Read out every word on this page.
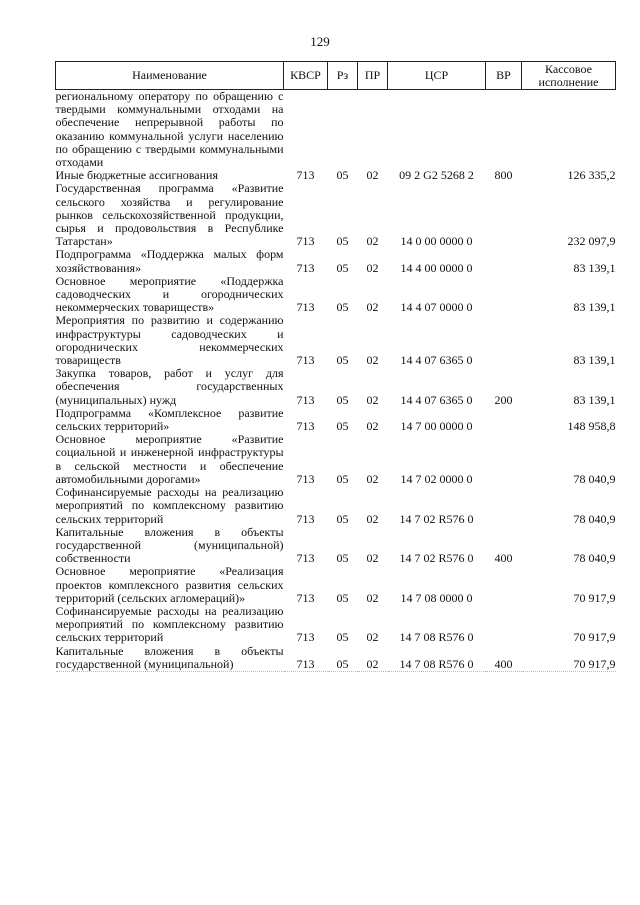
129
Наименование	КВСР	Рз	ПР	ЦСР	ВР	Кассовое исполнение
региональному оператору по обращению с твердыми коммунальными отходами на обеспечение непрерывной работы по оказанию коммунальной услуги населению по обращению с твердыми коммунальными отходами						
Иные бюджетные ассигнования	713	05	02	09 2 G2 5268 2	800	126 335,2
Государственная программа «Развитие сельского хозяйства и регулирование рынков сельскохозяйственной продукции, сырья и продовольствия в Республике Татарстан»	713	05	02	14 0 00 0000 0		232 097,9
Подпрограмма «Поддержка малых форм хозяйствования»	713	05	02	14 4 00 0000 0		83 139,1
Основное мероприятие «Поддержка садоводческих и огороднических некоммерческих товариществ»	713	05	02	14 4 07 0000 0		83 139,1
Мероприятия по развитию и содержанию инфраструктуры садоводческих и огороднических некоммерческих товариществ	713	05	02	14 4 07 6365 0		83 139,1
Закупка товаров, работ и услуг для обеспечения государственных (муниципальных) нужд	713	05	02	14 4 07 6365 0	200	83 139,1
Подпрограмма «Комплексное развитие сельских территорий»	713	05	02	14 7 00 0000 0		148 958,8
Основное мероприятие «Развитие социальной и инженерной инфраструктуры в сельской местности и обеспечение автомобильными дорогами»	713	05	02	14 7 02 0000 0		78 040,9
Софинансируемые расходы на реализацию мероприятий по комплексному развитию сельских территорий	713	05	02	14 7 02 R576 0		78 040,9
Капитальные вложения в объекты государственной (муниципальной) собственности	713	05	02	14 7 02 R576 0	400	78 040,9
Основное мероприятие «Реализация проектов комплексного развития сельских территорий (сельских агломераций)»	713	05	02	14 7 08 0000 0		70 917,9
Софинансируемые расходы на реализацию мероприятий по комплексному развитию сельских территорий	713	05	02	14 7 08 R576 0		70 917,9
Капитальные вложения в объекты государственной (муниципальной)	713	05	02	14 7 08 R576 0	400	70 917,9
